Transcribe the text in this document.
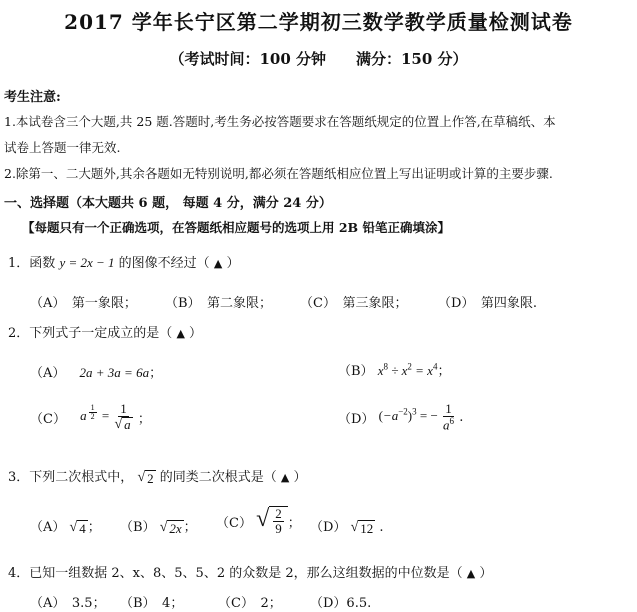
2017 学年长宁区第二学期初三数学教学质量检测试卷
（考试时间：100 分钟　　满分：150 分）
考生注意:
1.本试卷含三个大题,共 25 题.答题时,考生务必按答题要求在答题纸规定的位置上作答,在草稿纸、本
试卷上答题一律无效.
2.除第一、二大题外,其余各题如无特别说明,都必须在答题纸相应位置上写出证明或计算的主要步骤.
一、选择题（本大题共 6 题， 每题 4 分，满分 24 分）
【每题只有一个正确选项，在答题纸相应题号的选项上用 2B 铅笔正确填涂】
1．函数 y = 2x − 1 的图像不经过（ ▲ ）
（A）　第一象限； （B）　第二象限； （C）　第三象限； （D）　第四象限.
2．下列式子一定成立的是（ ▲ ）
（A） 2a + 3a = 6a；	（B） $x^8 \div x^2 = x^4$；
（C） a $^{\frac{1}{2}} = \frac{1}{√ a}$ ；	（D） $(-a^{-2})^3$ = − $\frac{1}{a^6}$ .
3．下列二次根式中， √ 2 的同类二次根式是（ ▲ ）
（A） √ 4 ； （B） √ 2x ； （C） √ $\frac{2}{9}$ ； （D） √ 12 .
4．已知一组数据 2、x、8、5、5、2 的众数是 2，那么这组数据的中位数是（ ▲ ）
（A）　3.5； （B）　4；	（C）　2； （D）6.5.
